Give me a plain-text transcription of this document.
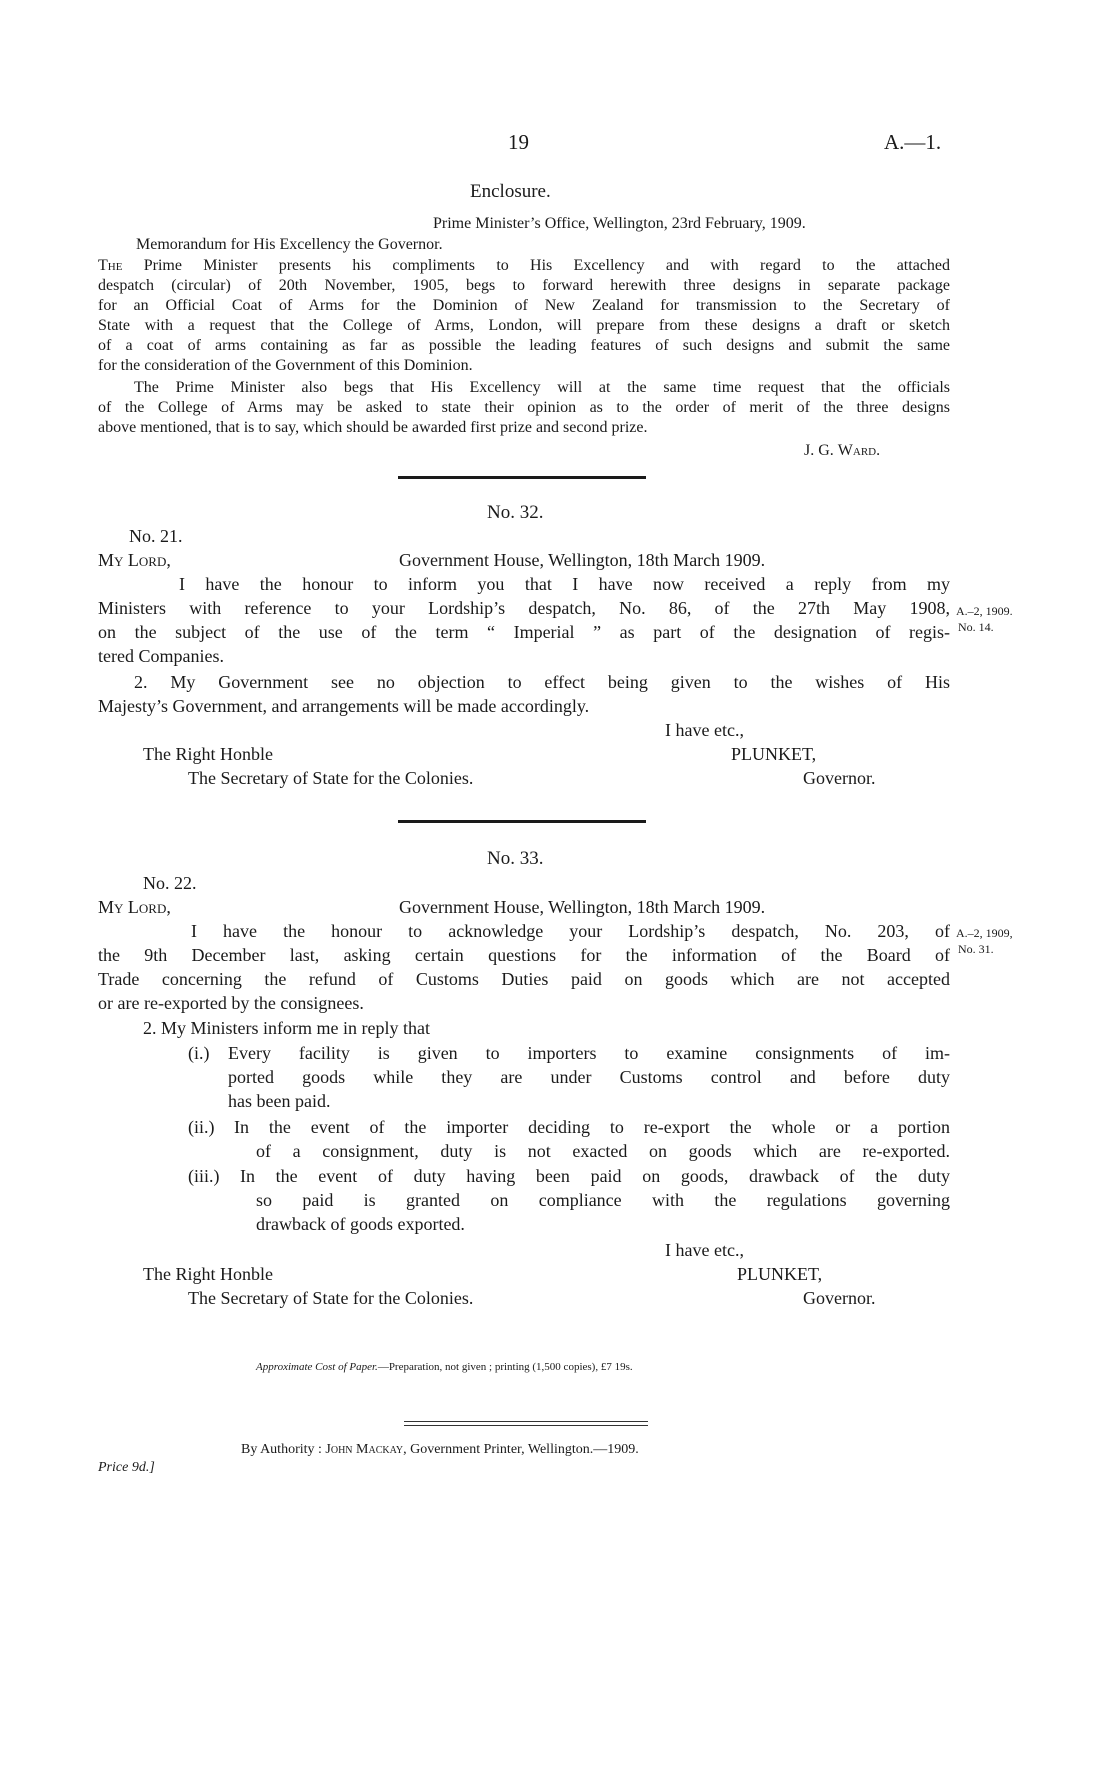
19	A.—1.
Enclosure.
Prime Minister’s Office, Wellington, 23rd February, 1909.
Memorandum for His Excellency the Governor.
The Prime Minister presents his compliments to His Excellency and with regard to the attached
despatch (circular) of 20th November, 1905, begs to forward herewith three designs in separate package
for an Official Coat of Arms for the Dominion of New Zealand for transmission to the Secretary of
State with a request that the College of Arms, London, will prepare from these designs a draft or sketch
of a coat of arms containing as far as possible the leading features of such designs and submit the same
for the consideration of the Government of this Dominion.
The Prime Minister also begs that His Excellency will at the same time request that the officials
of the College of Arms may be asked to state their opinion as to the order of merit of the three designs
above mentioned, that is to say, which should be awarded first prize and second prize.
J. G. Ward.
No. 32.
No. 21.
My Lord,	Government House, Wellington, 18th March 1909.
I have the honour to inform you that I have now received a reply from my
Ministers with reference to your Lordship’s despatch, No. 86, of the 27th May 1908,
on the subject of the use of the term “ Imperial ” as part of the designation of regis-
tered Companies.
2. My Government see no objection to effect being given to the wishes of His
Majesty’s Government, and arrangements will be made accordingly.
A.–2, 1909.
No. 14.
I have etc.,
The Right Honble	PLUNKET,
The Secretary of State for the Colonies.	Governor.
No. 33.
No. 22.
My Lord,	Government House, Wellington, 18th March 1909.
I have the honour to acknowledge your Lordship’s despatch, No. 203, of
the 9th December last, asking certain questions for the information of the Board of
Trade concerning the refund of Customs Duties paid on goods which are not accepted
or are re-exported by the consignees.
2. My Ministers inform me in reply that
A.–2, 1909,
No. 31.
(i.) Every facility is given to importers to examine consignments of im-
ported goods while they are under Customs control and before duty
has been paid.
(ii.) In the event of the importer deciding to re-export the whole or a portion
of a consignment, duty is not exacted on goods which are re-exported.
(iii.) In the event of duty having been paid on goods, drawback of the duty
so paid is granted on compliance with the regulations governing
drawback of goods exported.
I have etc.,
The Right Honble	PLUNKET,
The Secretary of State for the Colonies.	Governor.
Approximate Cost of Paper.—Preparation, not given ; printing (1,500 copies), £7 19s.
By Authority : John Mackay, Government Printer, Wellington.—1909.
Price 9d.]
